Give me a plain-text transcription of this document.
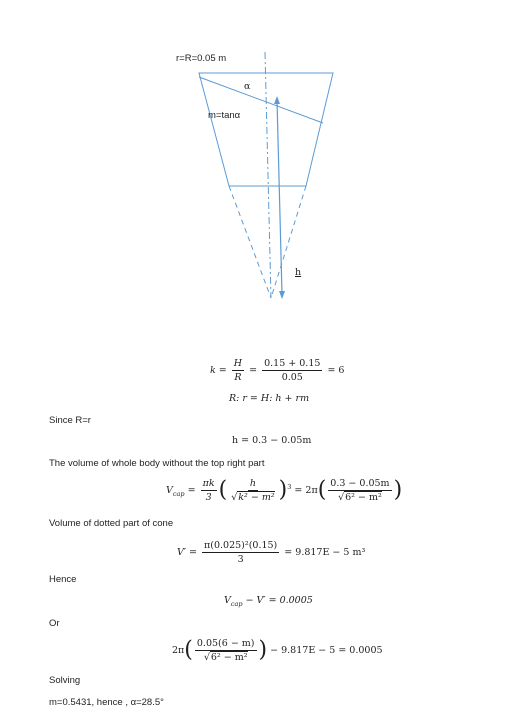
r=R=0.05 m
α
m=tanα
h
$k = \frac{H}{R} = \frac{0.15 + 0.15}{0.05} = 6$
R: r = H: h + rm
Since R=r
h = 0.3 − 0.05m
The volume of whole body without the top right part
$V_{cap} = \frac{\pi k}{3}$ ( $\frac{h}{\text{√k² − m²}} )^3 = 2\pi( \frac{0.3 - 0.05m}{\text{√6² − m²}}$ )
Volume of dotted part of cone
$V' = \frac{\text{π(0.025)²(0.15)}}{3} = 9.817E - 5$ m³
Hence
$V_{cap} - V' = 0.0005$
Or
$2\pi( \frac{0.05(6 - m)}{\text{√6² − m²}}$ ) − 9.817E − 5 = 0.0005
Solving
m=0.5431, hence , α=28.5°
